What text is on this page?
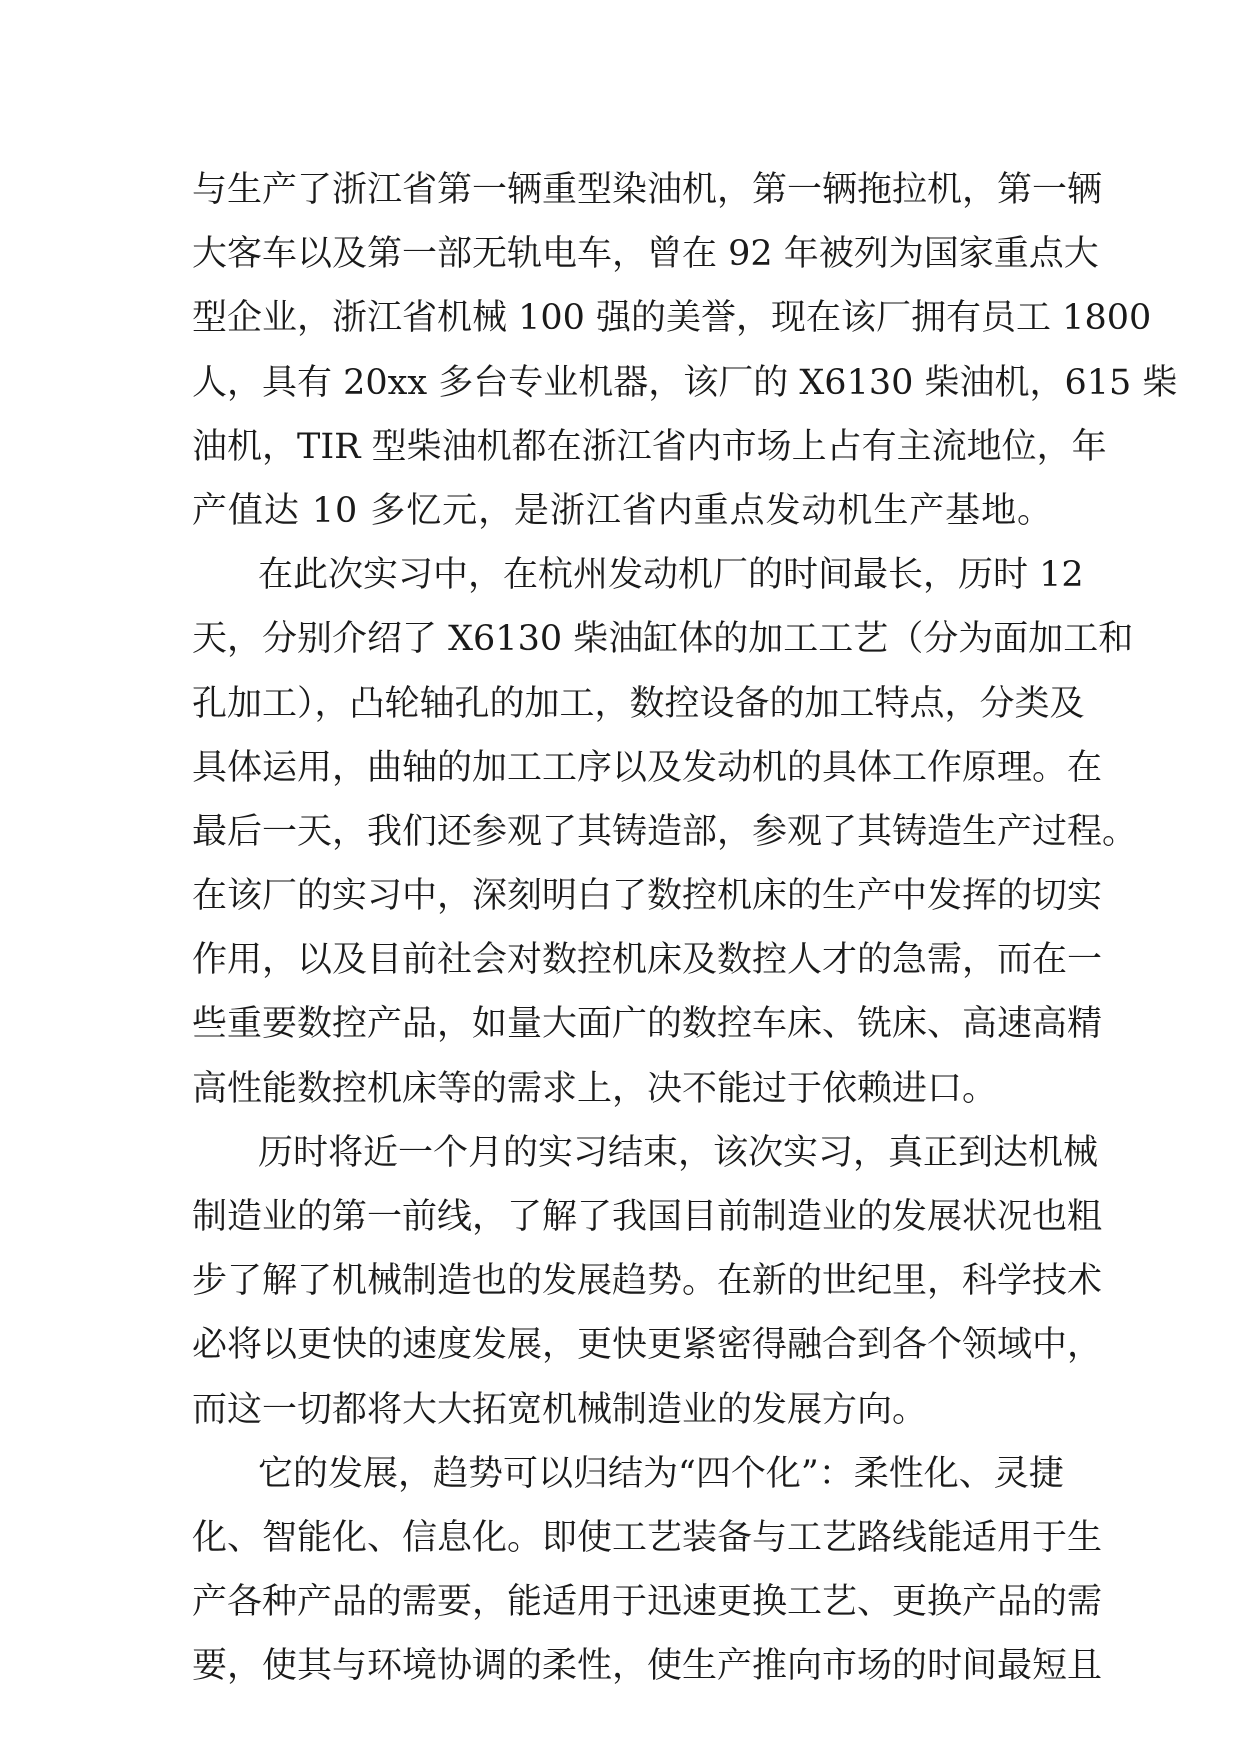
与生产了浙江省第一辆重型染油机，第一辆拖拉机，第一辆
大客车以及第一部无轨电车，曾在 92 年被列为国家重点大
型企业，浙江省机械 100 强的美誉，现在该厂拥有员工 1800
人，具有 20xx 多台专业机器，该厂的 X6130 柴油机，615 柴
油机，TIR 型柴油机都在浙江省内市场上占有主流地位，年
产值达 10 多忆元，是浙江省内重点发动机生产基地。
在此次实习中，在杭州发动机厂的时间最长，历时 12
天，分别介绍了 X6130 柴油缸体的加工工艺（分为面加工和
孔加工），凸轮轴孔的加工，数控设备的加工特点，分类及
具体运用，曲轴的加工工序以及发动机的具体工作原理。在
最后一天，我们还参观了其铸造部，参观了其铸造生产过程。
在该厂的实习中，深刻明白了数控机床的生产中发挥的切实
作用，以及目前社会对数控机床及数控人才的急需，而在一
些重要数控产品，如量大面广的数控车床、铣床、高速高精
高性能数控机床等的需求上，决不能过于依赖进口。
历时将近一个月的实习结束，该次实习，真正到达机械
制造业的第一前线，了解了我国目前制造业的发展状况也粗
步了解了机械制造也的发展趋势。在新的世纪里，科学技术
必将以更快的速度发展，更快更紧密得融合到各个领域中，
而这一切都将大大拓宽机械制造业的发展方向。
它的发展，趋势可以归结为“四个化”：柔性化、灵捷
化、智能化、信息化。即使工艺装备与工艺路线能适用于生
产各种产品的需要，能适用于迅速更换工艺、更换产品的需
要，使其与环境协调的柔性，使生产推向市场的时间最短且
